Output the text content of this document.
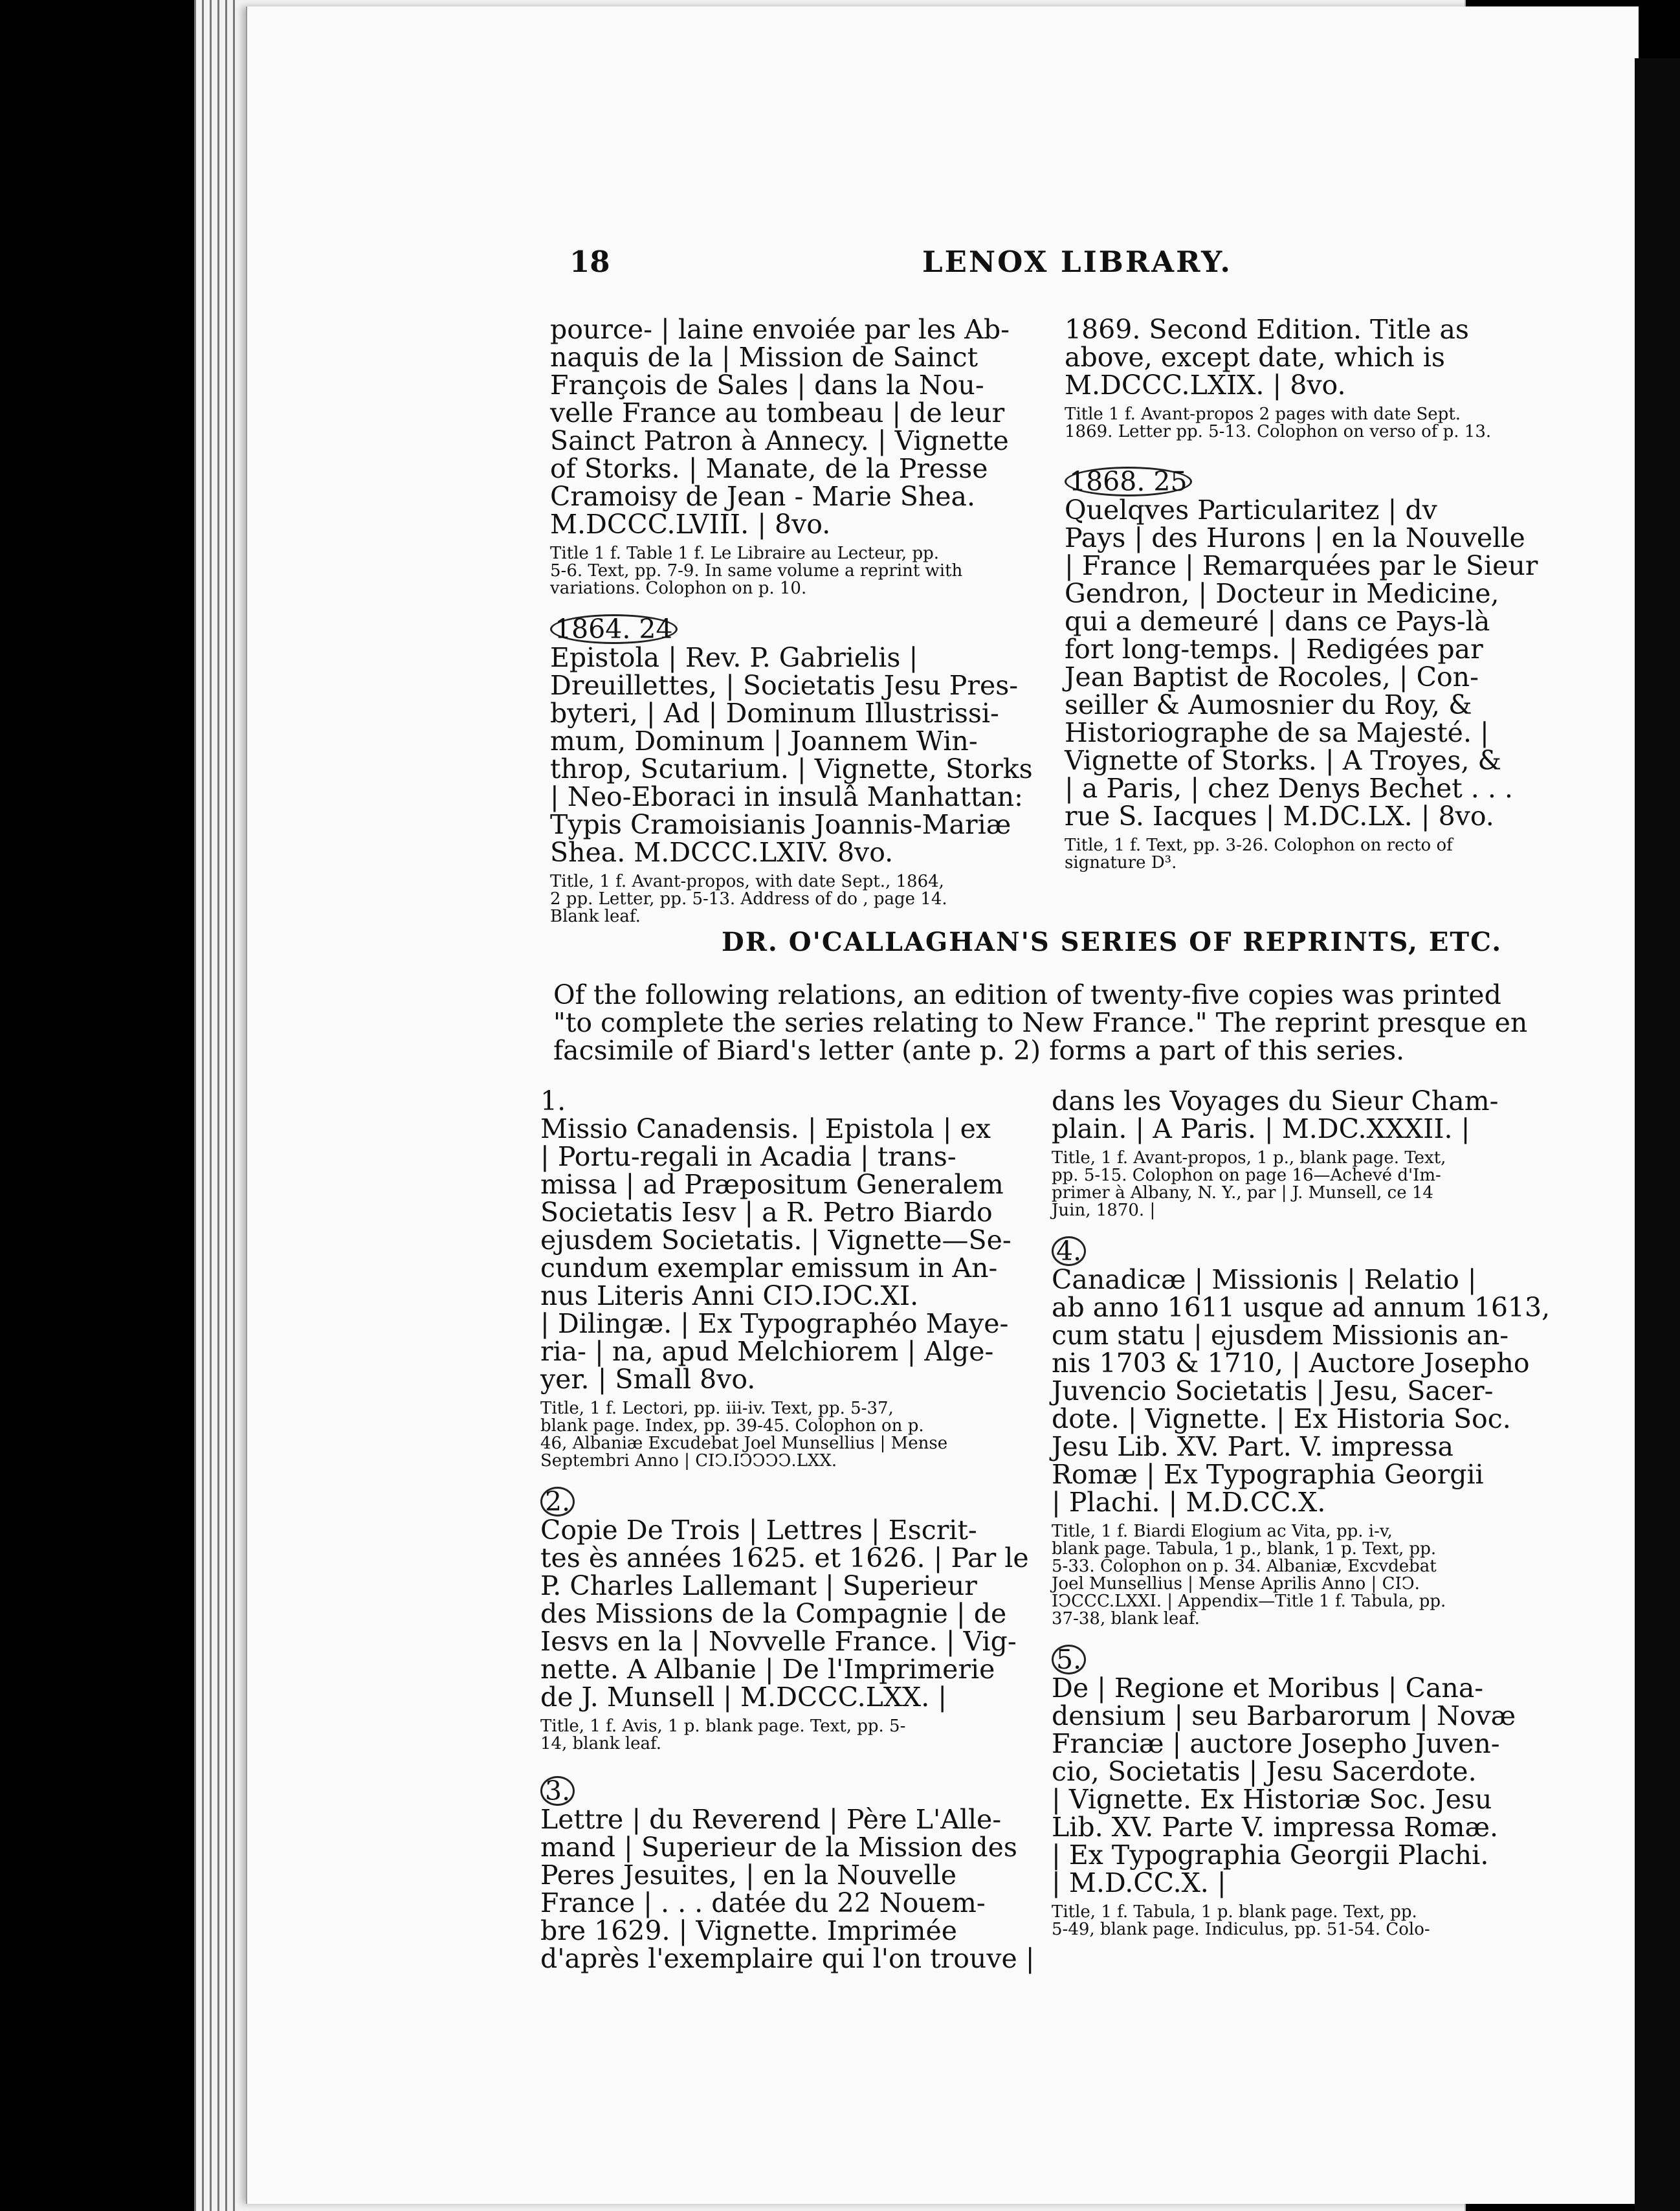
18	LENOX LIBRARY.

pource- | laine envoiée par les Ab-
naquis de la | Mission de Sainct
François de Sales | dans la Nou-
velle France au tombeau | de leur
Sainct Patron à Annecy. | Vignette
of Storks. | Manate, de la Presse
Cramoisy de Jean - Marie Shea.
M.DCCC.LVIII. | 8vo.

Title 1 f. Table 1 f. Le Libraire au Lecteur, pp.
5-6. Text, pp. 7-9. In same volume a reprint with
variations. Colophon on p. 10.

1864. 24

Epistola | Rev. P. Gabrielis |
Dreuillettes, | Societatis Jesu Pres-
byteri, | Ad | Dominum Illustrissi-
mum, Dominum | Joannem Win-
throp, Scutarium. | Vignette, Storks
| Neo-Eboraci in insulâ Manhattan:
Typis Cramoisianis Joannis-Mariæ
Shea. M.DCCC.LXIV. 8vo.

Title, 1 f. Avant-propos, with date Sept., 1864,
2 pp. Letter, pp. 5-13. Address of do , page 14.
Blank leaf.

1869. Second Edition. Title as
above, except date, which is
M.DCCC.LXIX. | 8vo.

Title 1 f. Avant-propos 2 pages with date Sept.
1869. Letter pp. 5-13. Colophon on verso of p. 13.

1868. 25

Quelqves Particularitez | dv
Pays | des Hurons | en la Nouvelle
| France | Remarquées par le Sieur
Gendron, | Docteur in Medicine,
qui a demeuré | dans ce Pays-là
fort long-temps. | Redigées par
Jean Baptist de Rocoles, | Con-
seiller & Aumosnier du Roy, &
Historiographe de sa Majesté. |
Vignette of Storks. | A Troyes, &
| a Paris, | chez Denys Bechet . . .
rue S. Iacques | M.DC.LX. | 8vo.

Title, 1 f. Text, pp. 3-26. Colophon on recto of
signature D³.

DR. O'CALLAGHAN'S SERIES OF REPRINTS, ETC.
Of the following relations, an edition of twenty-five copies was printed
"to complete the series relating to New France." The reprint presque en
facsimile of Biard's letter (ante p. 2) forms a part of this series.
1.

Missio Canadensis. | Epistola | ex
| Portu-regali in Acadia | trans-
missa | ad Præpositum Generalem
Societatis Iesv | a R. Petro Biardo
ejusdem Societatis. | Vignette—Se-
cundum exemplar emissum in An-
nus Literis Anni CIↃ.IↃC.XI.
| Dilingæ. | Ex Typographéo Maye-
ria- | na, apud Melchiorem | Alge-
yer. | Small 8vo.

Title, 1 f. Lectori, pp. iii-iv. Text, pp. 5-37,
blank page. Index, pp. 39-45. Colophon on p.
46, Albaniæ Excudebat Joel Munsellius | Mense
Septembri Anno | CIↃ.IↃↃↃↃ.LXX.

2.

Copie De Trois | Lettres | Escrit-
tes ès années 1625. et 1626. | Par le
P. Charles Lallemant | Superieur
des Missions de la Compagnie | de
Iesvs en la | Novvelle France. | Vig-
nette. A Albanie | De l'Imprimerie
de J. Munsell | M.DCCC.LXX. |

Title, 1 f. Avis, 1 p. blank page. Text, pp. 5-
14, blank leaf.

3.

Lettre | du Reverend | Père L'Alle-
mand | Superieur de la Mission des
Peres Jesuites, | en la Nouvelle
France | . . . datée du 22 Nouem-
bre 1629. | Vignette. Imprimée
d'après l'exemplaire qui l'on trouve |

dans les Voyages du Sieur Cham-
plain. | A Paris. | M.DC.XXXII. |

Title, 1 f. Avant-propos, 1 p., blank page. Text,
pp. 5-15. Colophon on page 16—Achevé d'Im-
primer à Albany, N. Y., par | J. Munsell, ce 14
Juin, 1870. |

4.

Canadicæ | Missionis | Relatio |
ab anno 1611 usque ad annum 1613,
cum statu | ejusdem Missionis an-
nis 1703 & 1710, | Auctore Josepho
Juvencio Societatis | Jesu, Sacer-
dote. | Vignette. | Ex Historia Soc.
Jesu Lib. XV. Part. V. impressa
Romæ | Ex Typographia Georgii
| Plachi. | M.D.CC.X.

Title, 1 f. Biardi Elogium ac Vita, pp. i-v,
blank page. Tabula, 1 p., blank, 1 p. Text, pp.
5-33. Colophon on p. 34. Albaniæ, Excvdebat
Joel Munsellius | Mense Aprilis Anno | CIↃ.
IↃCCC.LXXI. | Appendix—Title 1 f. Tabula, pp.
37-38, blank leaf.

5.

De | Regione et Moribus | Cana-
densium | seu Barbarorum | Novæ
Franciæ | auctore Josepho Juven-
cio, Societatis | Jesu Sacerdote.
| Vignette. Ex Historiæ Soc. Jesu
Lib. XV. Parte V. impressa Romæ.
| Ex Typographia Georgii Plachi.
| M.D.CC.X. |

Title, 1 f. Tabula, 1 p. blank page. Text, pp.
5-49, blank page. Indiculus, pp. 51-54. Colo-
